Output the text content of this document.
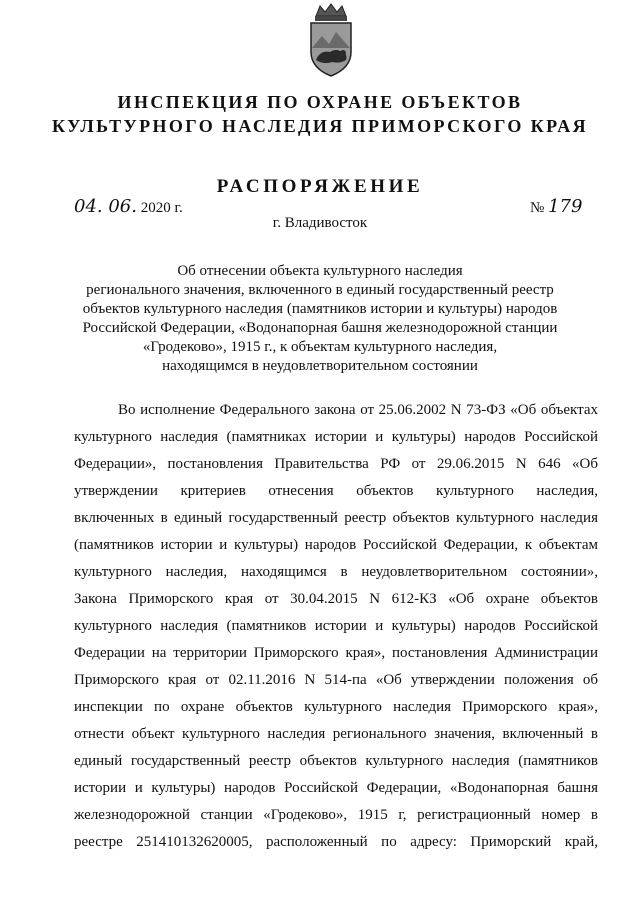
ИНСПЕКЦИЯ ПО ОХРАНЕ ОБЪЕКТОВ
КУЛЬТУРНОГО НАСЛЕДИЯ ПРИМОРСКОГО КРАЯ
РАСПОРЯЖЕНИЕ
04. 06. 2020 г.	№ 179
г. Владивосток
Об отнесении объекта культурного наследия
регионального значения, включенного в единый государственный реестр
объектов культурного наследия (памятников истории и культуры) народов
Российской Федерации, «Водонапорная башня железнодорожной станции
«Гродеково», 1915 г., к объектам культурного наследия,
находящимся в неудовлетворительном состоянии
Во исполнение Федерального закона от 25.06.2002 N 73-ФЗ «Об объектах
культурного наследия (памятниках истории и культуры) народов Российской
Федерации», постановления Правительства РФ от 29.06.2015 N 646 «Об
утверждении критериев отнесения объектов культурного наследия,
включенных в единый государственный реестр объектов культурного наследия
(памятников истории и культуры) народов Российской Федерации, к объектам
культурного наследия, находящимся в неудовлетворительном состоянии»,
Закона Приморского края от 30.04.2015 N 612-КЗ «Об охране объектов
культурного наследия (памятников истории и культуры) народов Российской
Федерации на территории Приморского края», постановления Администрации
Приморского края от 02.11.2016 N 514-па «Об утверждении положения об
инспекции по охране объектов культурного наследия Приморского края»,
отнести объект культурного наследия регионального значения, включенный в
единый государственный реестр объектов культурного наследия (памятников
истории и культуры) народов Российской Федерации, «Водонапорная башня
железнодорожной станции «Гродеково», 1915 г, регистрационный номер в
реестре 251410132620005, расположенный по адресу: Приморский край,
